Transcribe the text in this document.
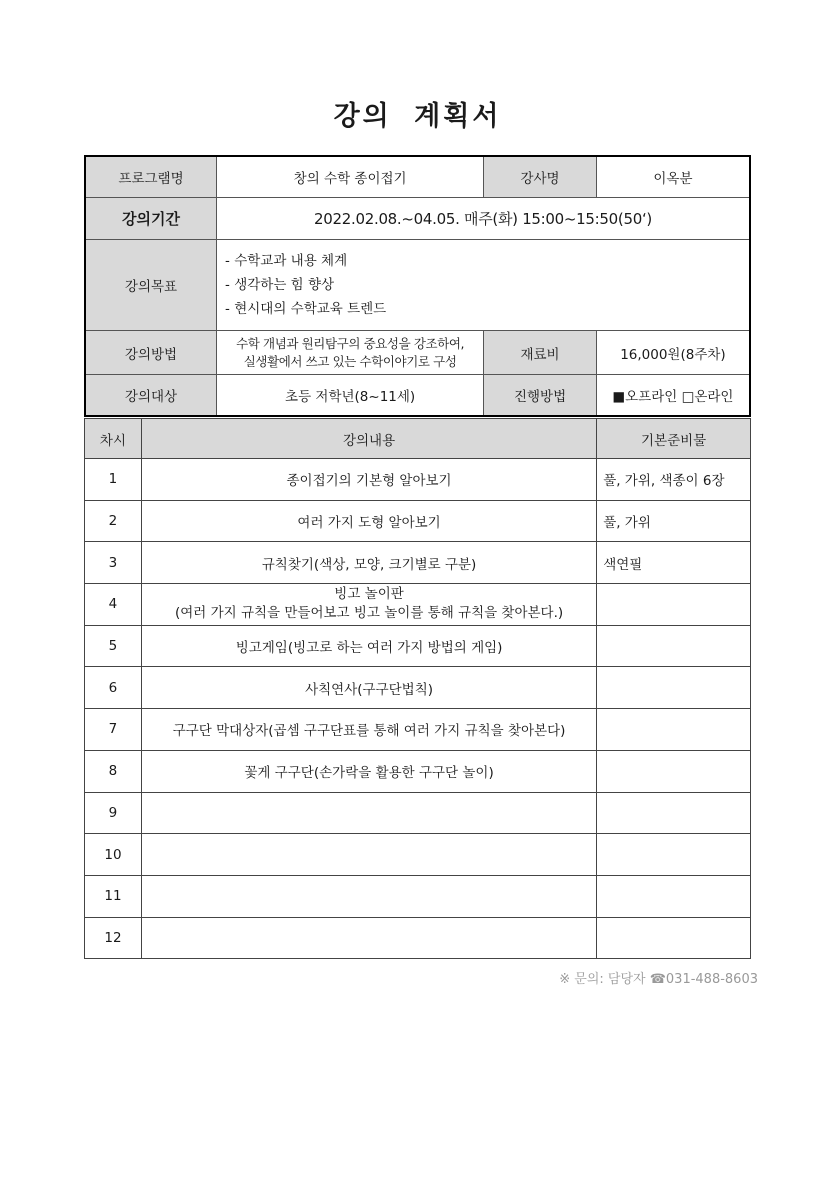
강의 계획서
프로그램명	창의 수학 종이접기	강사명	이옥분
강의기간	2022.02.08.~04.05. 매주(화) 15:00~15:50(50‘)		
강의목표	- 수학교과 내용 체계
- 생각하는 힘 향상
- 현시대의 수학교육 트렌드		

강의방법	수학 개념과 원리탐구의 중요성을 강조하여,
실생활에서 쓰고 있는 수학이야기로 구성	재료비	16,000원(8주차)
강의대상	초등 저학년(8~11세)	진행방법	■오프라인 □온라인
차시	강의내용	기본준비물
1	종이접기의 기본형 알아보기	풀, 가위, 색종이 6장
2	여러 가지 도형 알아보기	풀, 가위
3	규칙찾기(색상, 모양, 크기별로 구분)	색연필
4	빙고 놀이판
(여러 가지 규칙을 만들어보고 빙고 놀이를 통해 규칙을 찾아본다.)	

5	빙고게임(빙고로 하는 여러 가지 방법의 게임)	
6	사칙연사(구구단법칙)	
7	구구단 막대상자(곱셈 구구단표를 통해 여러 가지 규칙을 찾아본다)	
8	꽃게 구구단(손가락을 활용한 구구단 놀이)	
9		
10		
11		
12		
※ 문의: 담당자 ☎031-488-8603
